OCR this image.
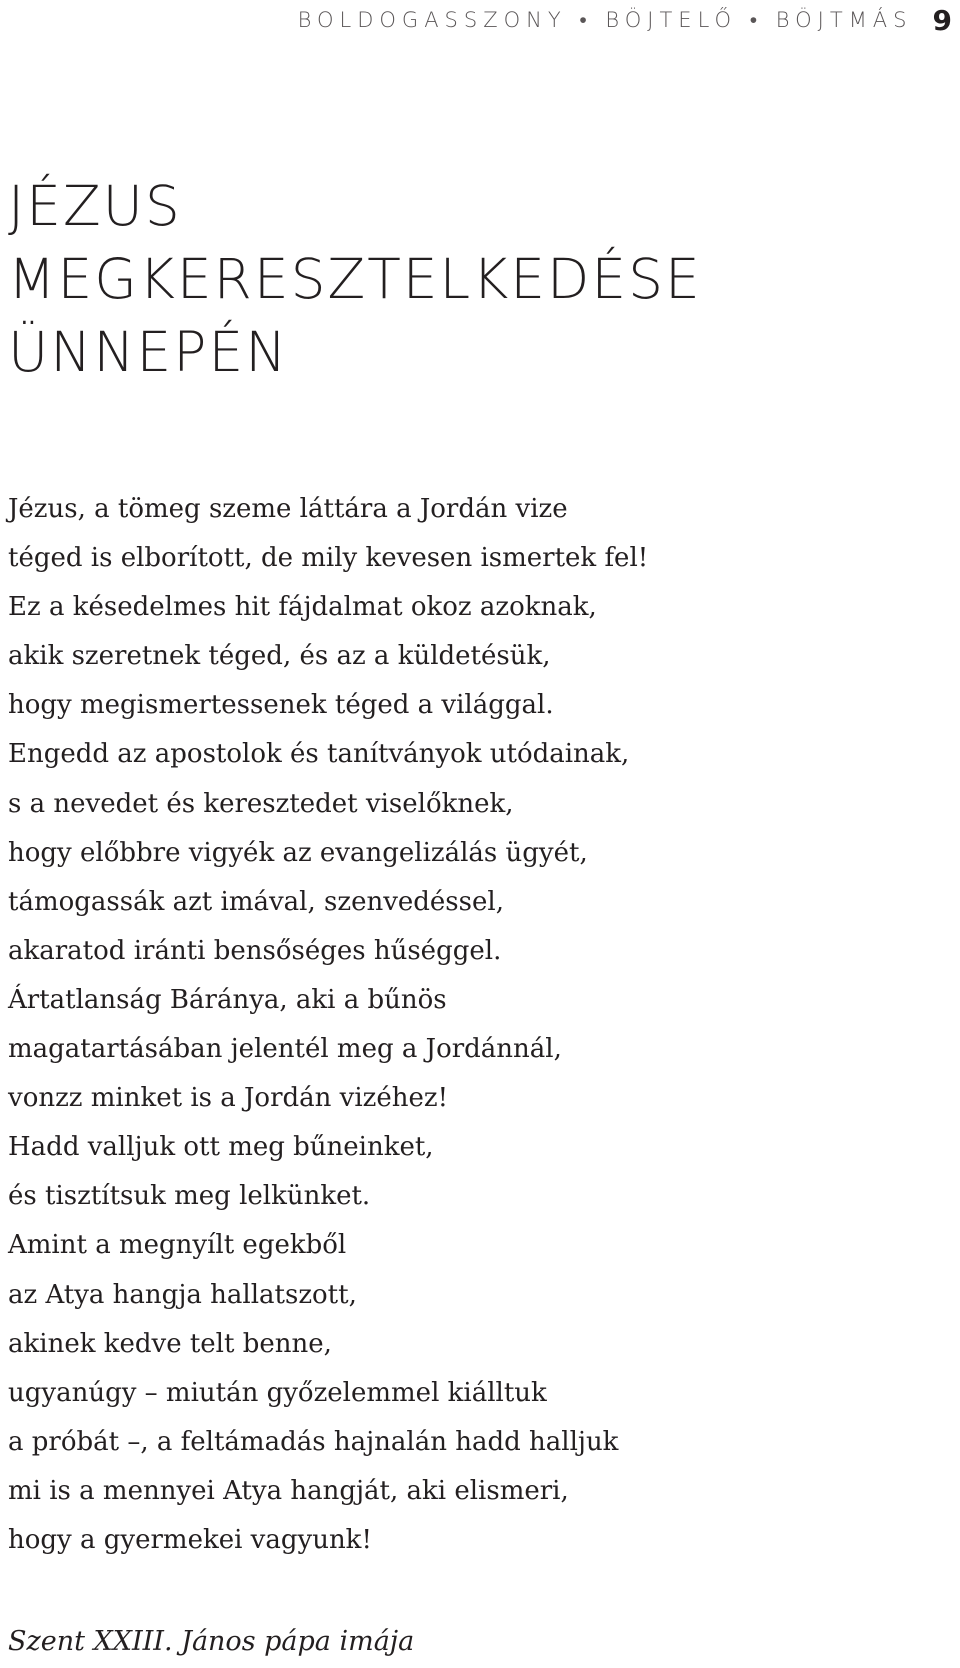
BOLDOGASSZONY • BÖJTELŐ • BÖJTMÁS 9
JÉZUS
MEGKERESZTELKEDÉSE
ÜNNEPÉN
Jézus, a tömeg szeme láttára a Jordán vize
téged is elborított, de mily kevesen ismertek fel!
Ez a késedelmes hit fájdalmat okoz azoknak,
akik szeretnek téged, és az a küldetésük,
hogy megismertessenek téged a világgal.
Engedd az apostolok és tanítványok utódainak,
s a nevedet és keresztedet viselőknek,
hogy előbbre vigyék az evangelizálás ügyét,
támogassák azt imával, szenvedéssel,
akaratod iránti bensőséges hűséggel.
Ártatlanság Báránya, aki a bűnös
magatartásában jelentél meg a Jordánnál,
vonzz minket is a Jordán vizéhez!
Hadd valljuk ott meg bűneinket,
és tisztítsuk meg lelkünket.
Amint a megnyílt egekből
az Atya hangja hallatszott,
akinek kedve telt benne,
ugyanúgy – miután győzelemmel kiálltuk
a próbát –, a feltámadás hajnalán hadd halljuk
mi is a mennyei Atya hangját, aki elismeri,
hogy a gyermekei vagyunk!

Szent XXIII. János pápa imája
